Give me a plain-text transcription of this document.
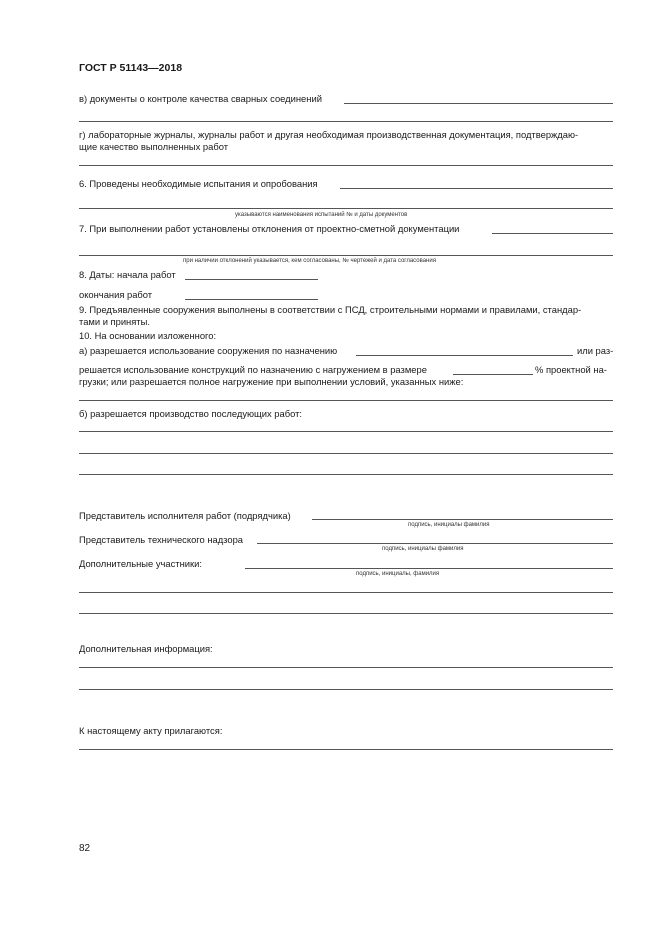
ГОСТ Р 51143—2018
в) документы о контроле качества сварных соединений
г) лабораторные журналы, журналы работ и другая необходимая производственная документация, подтверждаю-
щие качество выполненных работ
6. Проведены необходимые испытания и опробования
указываются наименования испытаний № и даты документов
7. При выполнении работ установлены отклонения от проектно-сметной документации
при наличии отклонений указывается, кем согласованы, № чертежей и дата согласования
8. Даты: начала работ
окончания работ
9. Предъявленные сооружения выполнены в соответствии с ПСД, строительными нормами и правилами, стандар-
тами и приняты.
10. На основании изложенного:
а) разрешается использование сооружения по назначению	или раз-
решается использование конструкций по назначению с нагружением в размере	% проектной на-
грузки; или разрешается полное нагружение при выполнении условий, указанных ниже:
б) разрешается производство последующих работ:
Представитель исполнителя работ (подрядчика)
подпись, инициалы фамилия
Представитель технического надзора
подпись, инициалы фамилия
Дополнительные участники:
подпись, инициалы, фамилия
Дополнительная информация:
К настоящему акту прилагаются:
82
